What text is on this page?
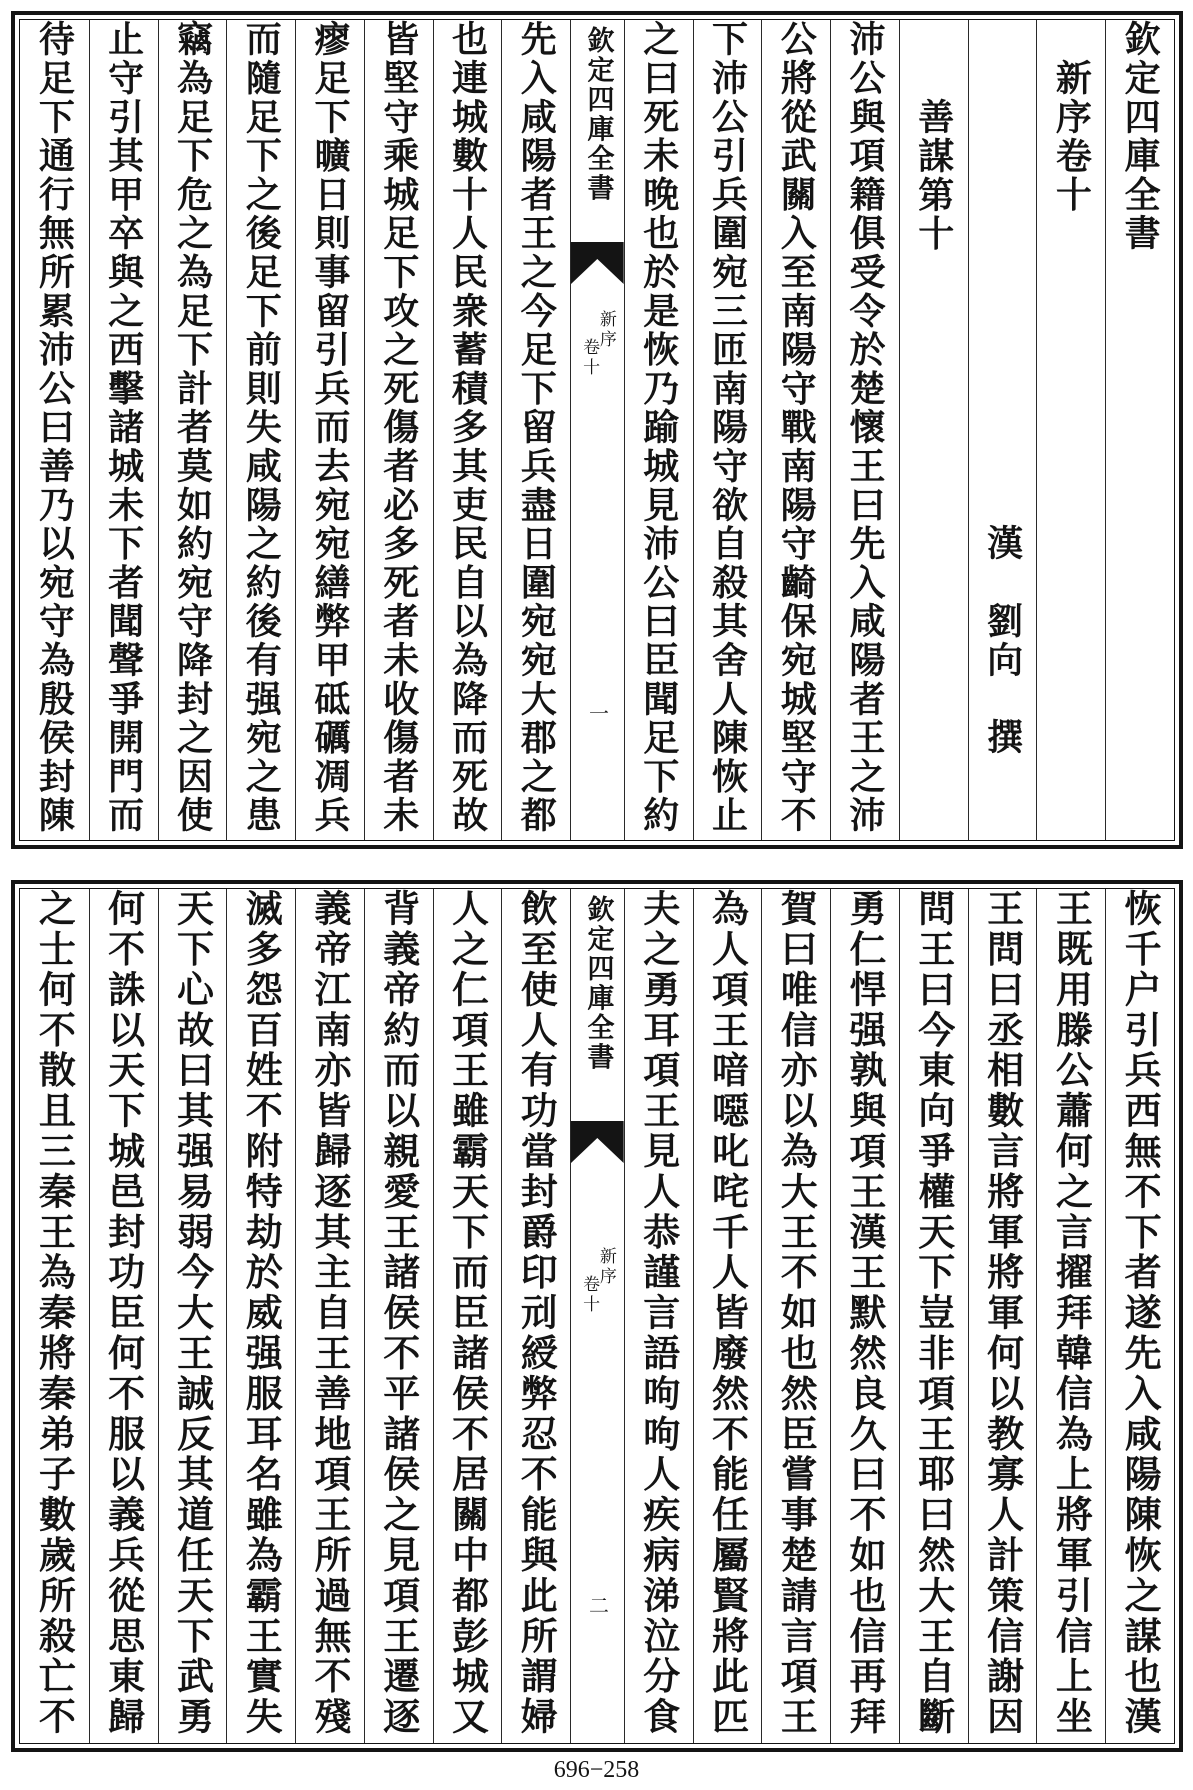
欽定四庫全書
新序卷十
漢
劉向
撰
善謀第十
沛公與項籍俱受令於楚懷王曰先入咸陽者王之沛
公將從武關入至南陽守戰南陽守齮保宛城堅守不
下沛公引兵圍宛三匝南陽守欲自殺其舍人陳恢止
之曰死未晚也於是恢乃踰城見沛公曰臣聞足下約
欽定四庫全書
新序
卷十
一
先入咸陽者王之今足下留兵盡日圍宛宛大郡之都
也連城數十人民衆蓄積多其吏民自以為降而死故
皆堅守乘城足下攻之死傷者必多死者未收傷者未
瘳足下曠日則事留引兵而去宛宛繕弊甲砥礪凋兵
而隨足下之後足下前則失咸陽之約後有强宛之患
竊為足下危之為足下計者莫如約宛守降封之因使
止守引其甲卒與之西擊諸城未下者聞聲爭開門而
待足下通行無所累沛公曰善乃以宛守為殷侯封陳
恢千户引兵西無不下者遂先入咸陽陳恢之謀也漢
王既用滕公蕭何之言擢拜韓信為上將軍引信上坐
王問曰丞相數言將軍將軍何以教寡人計策信謝因
問王曰今東向爭權天下豈非項王耶曰然大王自斷
勇仁悍强孰與項王漢王默然良久曰不如也信再拜
賀曰唯信亦以為大王不如也然臣嘗事楚請言項王
為人項王喑噁叱咤千人皆廢然不能任屬賢將此匹
夫之勇耳項王見人恭謹言語呴呴人疾病涕泣分食
欽定四庫全書
新序
卷十
二
飲至使人有功當封爵印刓綬弊忍不能與此所謂婦
人之仁項王雖霸天下而臣諸侯不居關中都彭城又
背義帝約而以親愛王諸侯不平諸侯之見項王遷逐
義帝江南亦皆歸逐其主自王善地項王所過無不殘
滅多怨百姓不附特劫於威强服耳名雖為霸王實失
天下心故曰其强易弱今大王誠反其道任天下武勇
何不誅以天下城邑封功臣何不服以義兵從思東歸
之士何不散且三秦王為秦將秦弟子數歲所殺亡不
696−258
